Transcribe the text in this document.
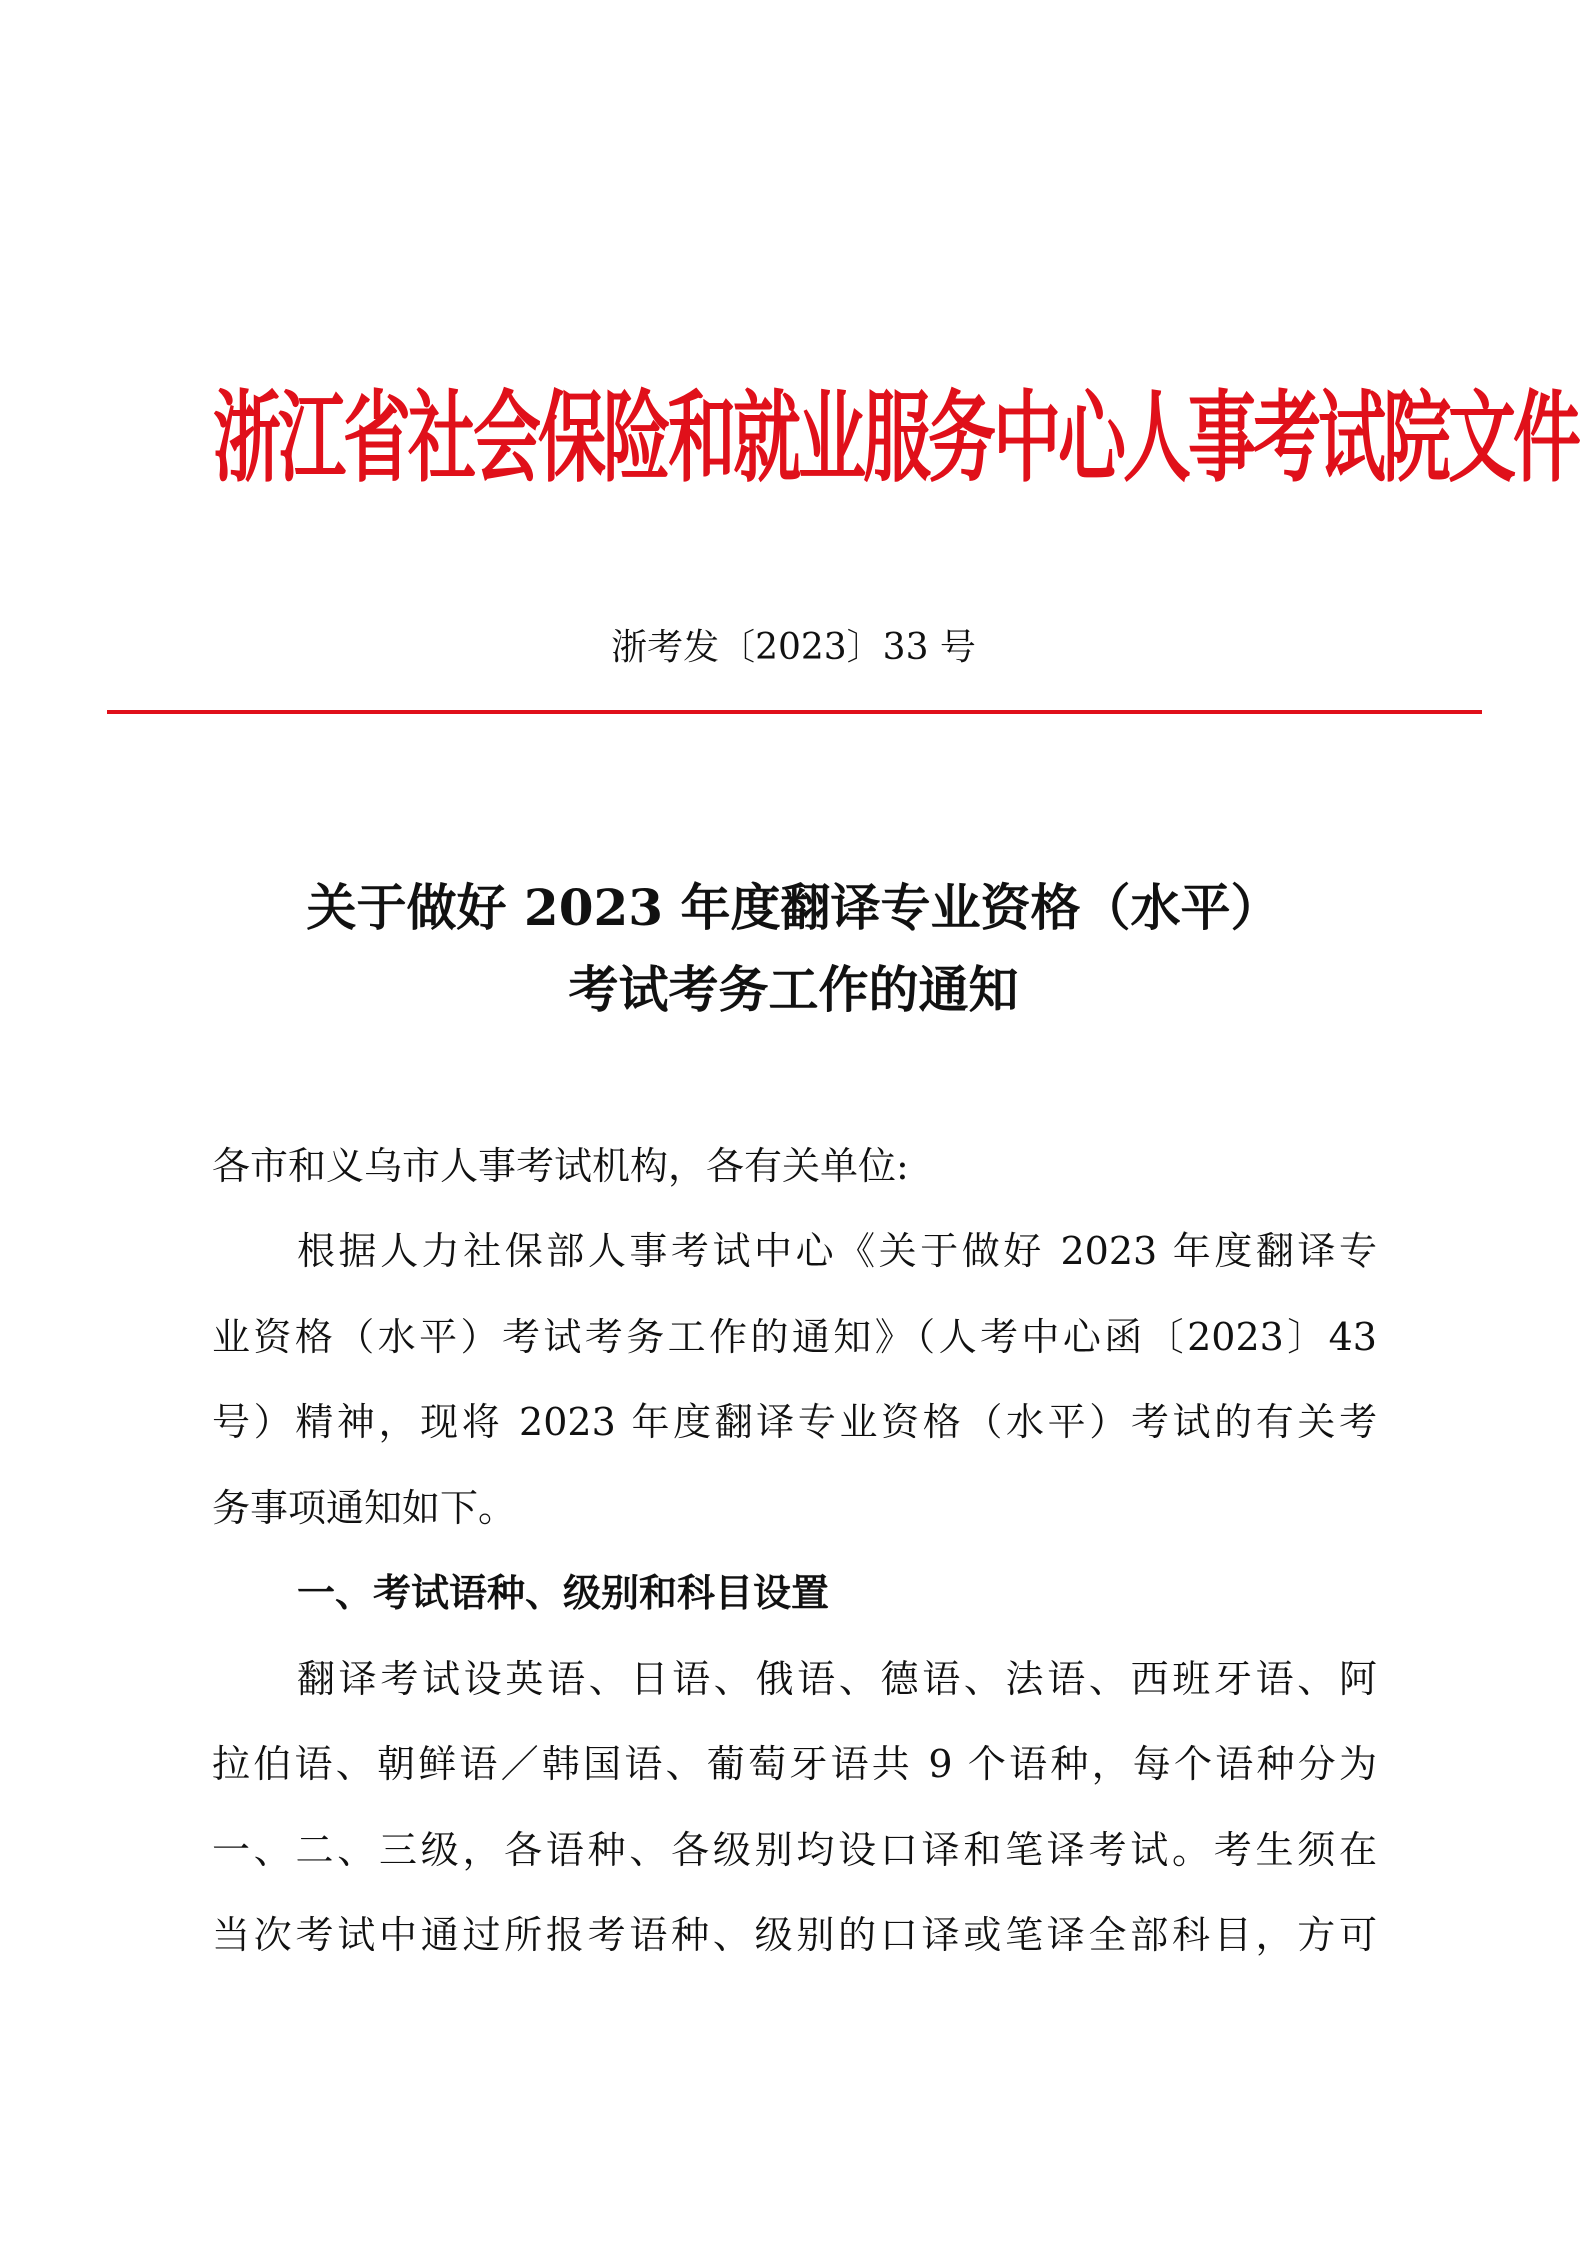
浙江省社会保险和就业服务中心人事考试院文件
浙考发〔2023〕33 号
关于做好 2023 年度翻译专业资格（水平）
考试考务工作的通知
各市和义乌市人事考试机构，各有关单位:
根据人力社保部人事考试中心《关于做好 2023 年度翻译专
业资格（水平）考试考务工作的通知》（人考中心函〔2023〕43
号）精神，现将 2023 年度翻译专业资格（水平）考试的有关考
务事项通知如下。
一、考试语种、级别和科目设置
翻译考试设英语、日语、俄语、德语、法语、西班牙语、阿
拉伯语、朝鲜语／韩国语、葡萄牙语共 9 个语种，每个语种分为
一、二、三级，各语种、各级别均设口译和笔译考试。考生须在
当次考试中通过所报考语种、级别的口译或笔译全部科目，方可
